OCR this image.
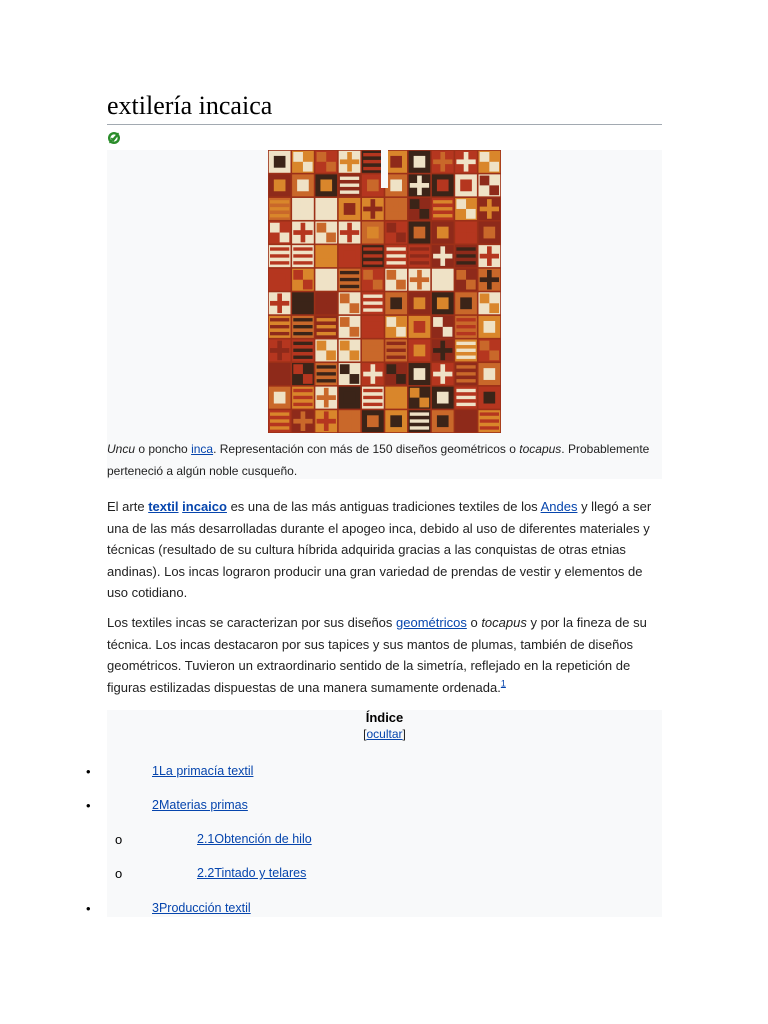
extilería incaica
Uncu o poncho inca. Representación con más de 150 diseños geométricos o tocapus. Probablemente perteneció a algún noble cusqueño.
El arte textil incaico es una de las más antiguas tradiciones textiles de los Andes y llegó a ser una de las más desarrolladas durante el apogeo inca, debido al uso de diferentes materiales y técnicas (resultado de su cultura híbrida adquirida gracias a las conquistas de otras etnias andinas). Los incas lograron producir una gran variedad de prendas de vestir y elementos de uso cotidiano.
Los textiles incas se caracterizan por sus diseños geométricos o tocapus y por la fineza de su técnica. Los incas destacaron por sus tapices y sus mantos de plumas, también de diseños geométricos. Tuvieron un extraordinario sentido de la simetría, reflejado en la repetición de figuras estilizadas dispuestas de una manera sumamente ordenada.$^1$
Índice
[ocultar]
•	1La primacía textil
•	2Materias primas
o	2.1Obtención de hilo
o	2.2Tintado y telares
•	3Producción textil
